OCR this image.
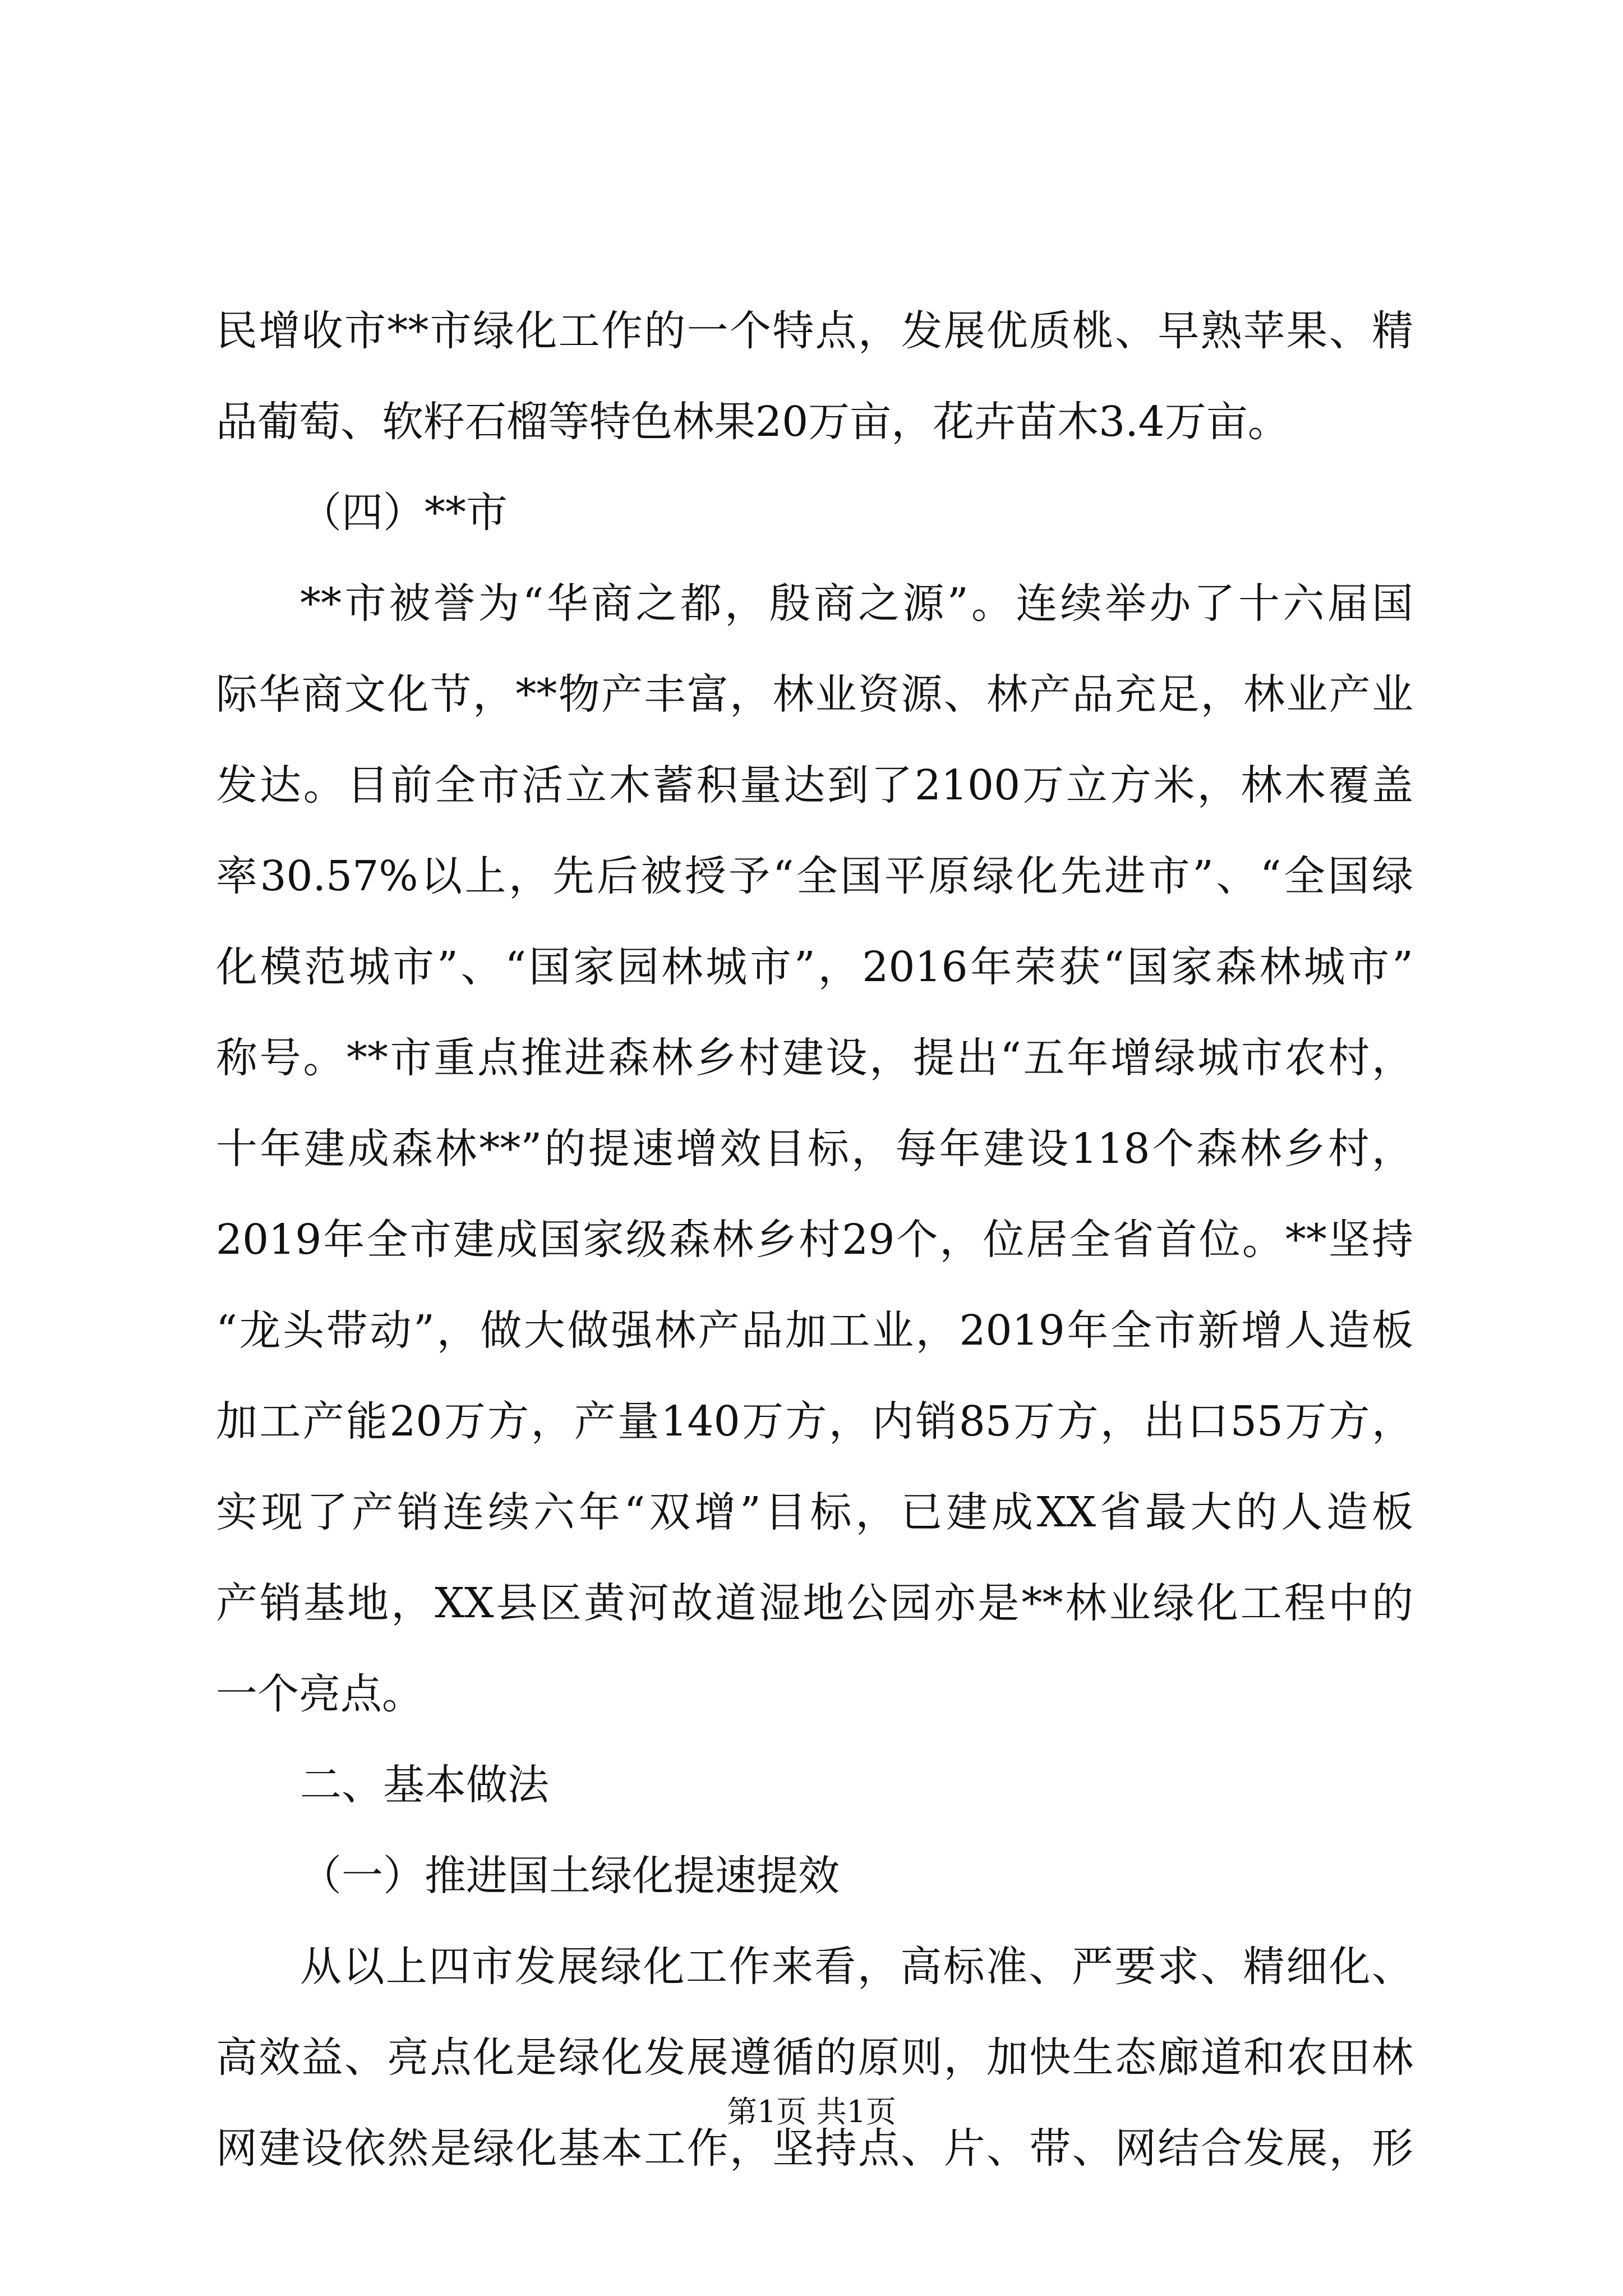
民增收市**市绿化工作的一个特点，发展优质桃、早熟苹果、精
品葡萄、软籽石榴等特色林果20万亩，花卉苗木3.4万亩。
（四）**市
**市被誉为“华商之都，殷商之源”。连续举办了十六届国
际华商文化节，**物产丰富，林业资源、林产品充足，林业产业
发达。目前全市活立木蓄积量达到了2100万立方米，林木覆盖
率30.57%以上，先后被授予“全国平原绿化先进市”、“全国绿
化模范城市”、“国家园林城市”，2016年荣获“国家森林城市”
称号。**市重点推进森林乡村建设，提出“五年增绿城市农村，
十年建成森林**”的提速增效目标，每年建设118个森林乡村，
2019年全市建成国家级森林乡村29个，位居全省首位。**坚持
“龙头带动”，做大做强林产品加工业，2019年全市新增人造板
加工产能20万方，产量140万方，内销85万方，出口55万方，
实现了产销连续六年“双增”目标，已建成XX省最大的人造板
产销基地，XX县区黄河故道湿地公园亦是**林业绿化工程中的
一个亮点。
二、基本做法
（一）推进国土绿化提速提效
从以上四市发展绿化工作来看，高标准、严要求、精细化、
高效益、亮点化是绿化发展遵循的原则，加快生态廊道和农田林
网建设依然是绿化基本工作，坚持点、片、带、网结合发展，形
第1页 共1页
